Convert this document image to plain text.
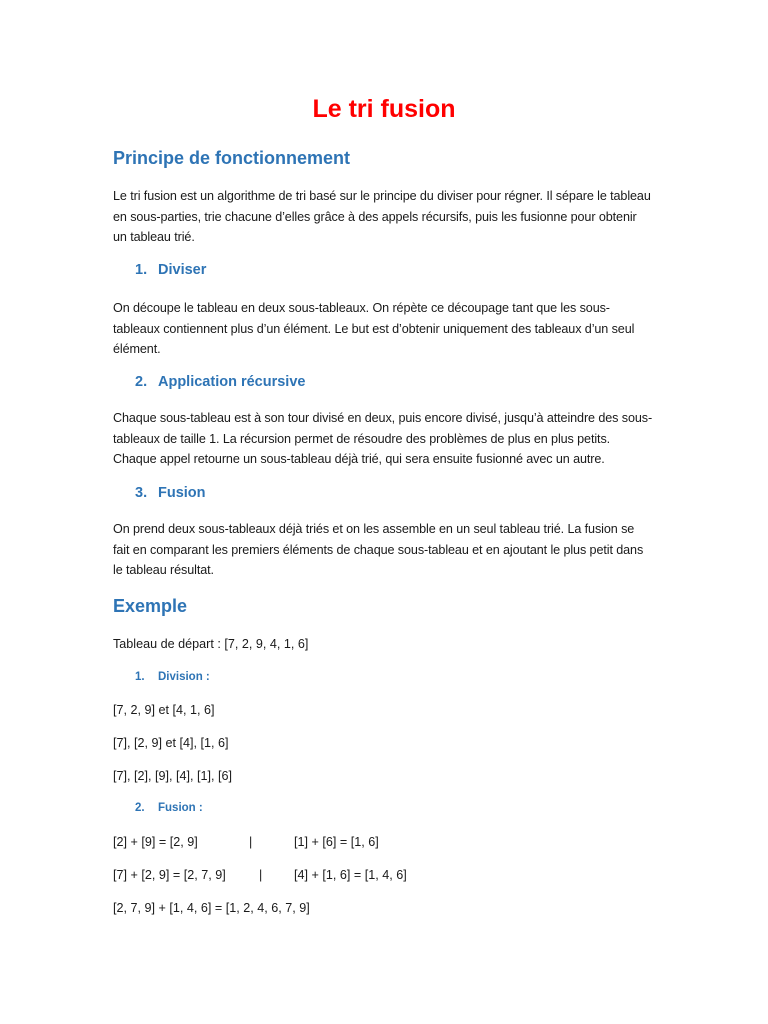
Le tri fusion
Principe de fonctionnement

Le tri fusion est un algorithme de tri basé sur le principe du diviser pour régner. Il sépare le tableau en sous-parties, trie chacune d’elles grâce à des appels récursifs, puis les fusionne pour obtenir un tableau trié.

1. Diviser

On découpe le tableau en deux sous-tableaux. On répète ce découpage tant que les sous-tableaux contiennent plus d’un élément. Le but est d’obtenir uniquement des tableaux d’un seul élément.

2. Application récursive

Chaque sous-tableau est à son tour divisé en deux, puis encore divisé, jusqu’à atteindre des sous-tableaux de taille 1. La récursion permet de résoudre des problèmes de plus en plus petits. Chaque appel retourne un sous-tableau déjà trié, qui sera ensuite fusionné avec un autre.

3. Fusion

On prend deux sous-tableaux déjà triés et on les assemble en un seul tableau trié. La fusion se fait en comparant les premiers éléments de chaque sous-tableau et en ajoutant le plus petit dans le tableau résultat.

Exemple
Tableau de départ : [7, 2, 9, 4, 1, 6]
1. Division :
[7, 2, 9] et [4, 1, 6]
[7], [2, 9] et [4], [1, 6]
[7], [2], [9], [4], [1], [6]
2. Fusion :
[2] + [9] = [2, 9]	|	[1] + [6] = [1, 6]
[7] + [2, 9] = [2, 7, 9]	|	[4] + [1, 6] = [1, 4, 6]
[2, 7, 9] + [1, 4, 6] = [1, 2, 4, 6, 7, 9]
